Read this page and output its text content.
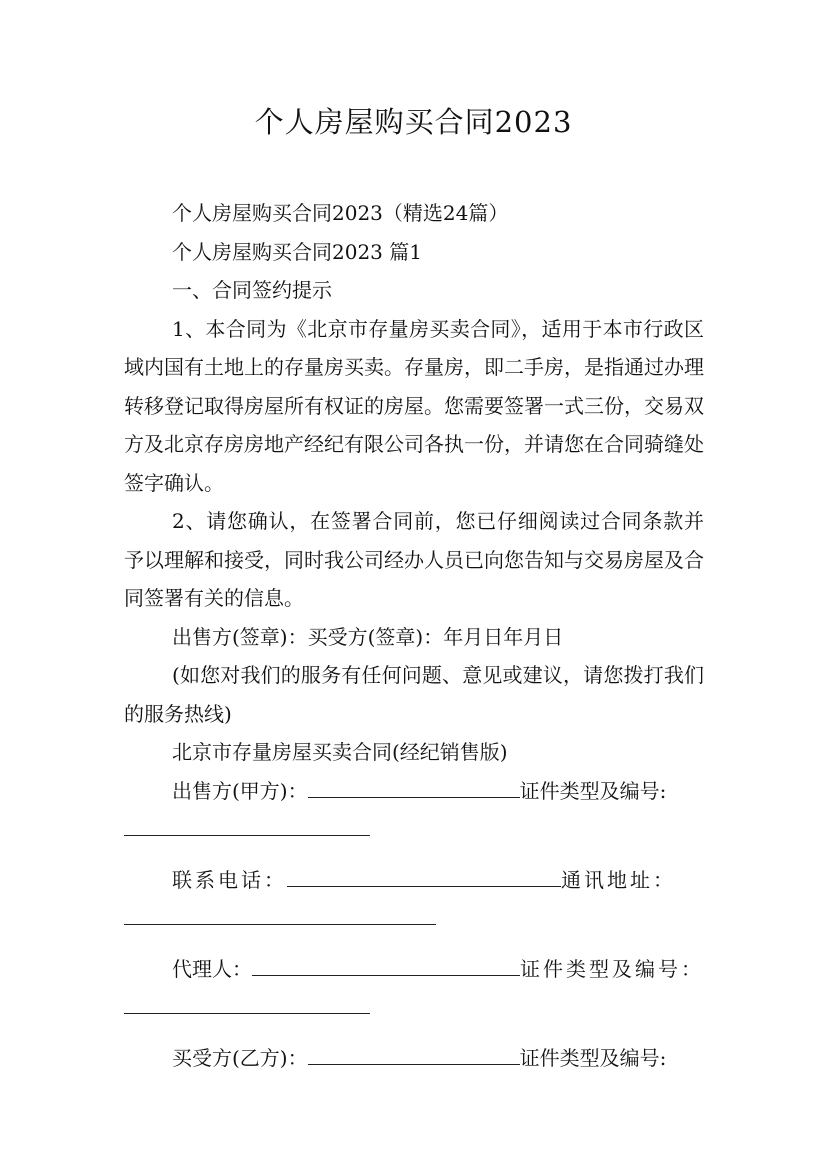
个人房屋购买合同2023
个人房屋购买合同2023（精选24篇）
个人房屋购买合同2023 篇1
一、合同签约提示
1、本合同为《北京市存量房买卖合同》，适用于本市行政区域内国有土地上的存量房买卖。存量房，即二手房，是指通过办理转移登记取得房屋所有权证的房屋。您需要签署一式三份，交易双方及北京存房房地产经纪有限公司各执一份，并请您在合同骑缝处签字确认。
2、请您确认，在签署合同前，您已仔细阅读过合同条款并予以理解和接受，同时我公司经办人员已向您告知与交易房屋及合同签署有关的信息。
出售方(签章)：买受方(签章)：年月日年月日
(如您对我们的服务有任何问题、意见或建议，请您拨打我们的服务热线)
北京市存量房屋买卖合同(经纪销售版)
出售方(甲方)：	证件类型及编号:
联系电话：	通讯地址：
代理人：	证件类型及编号：
买受方(乙方)：	证件类型及编号:
